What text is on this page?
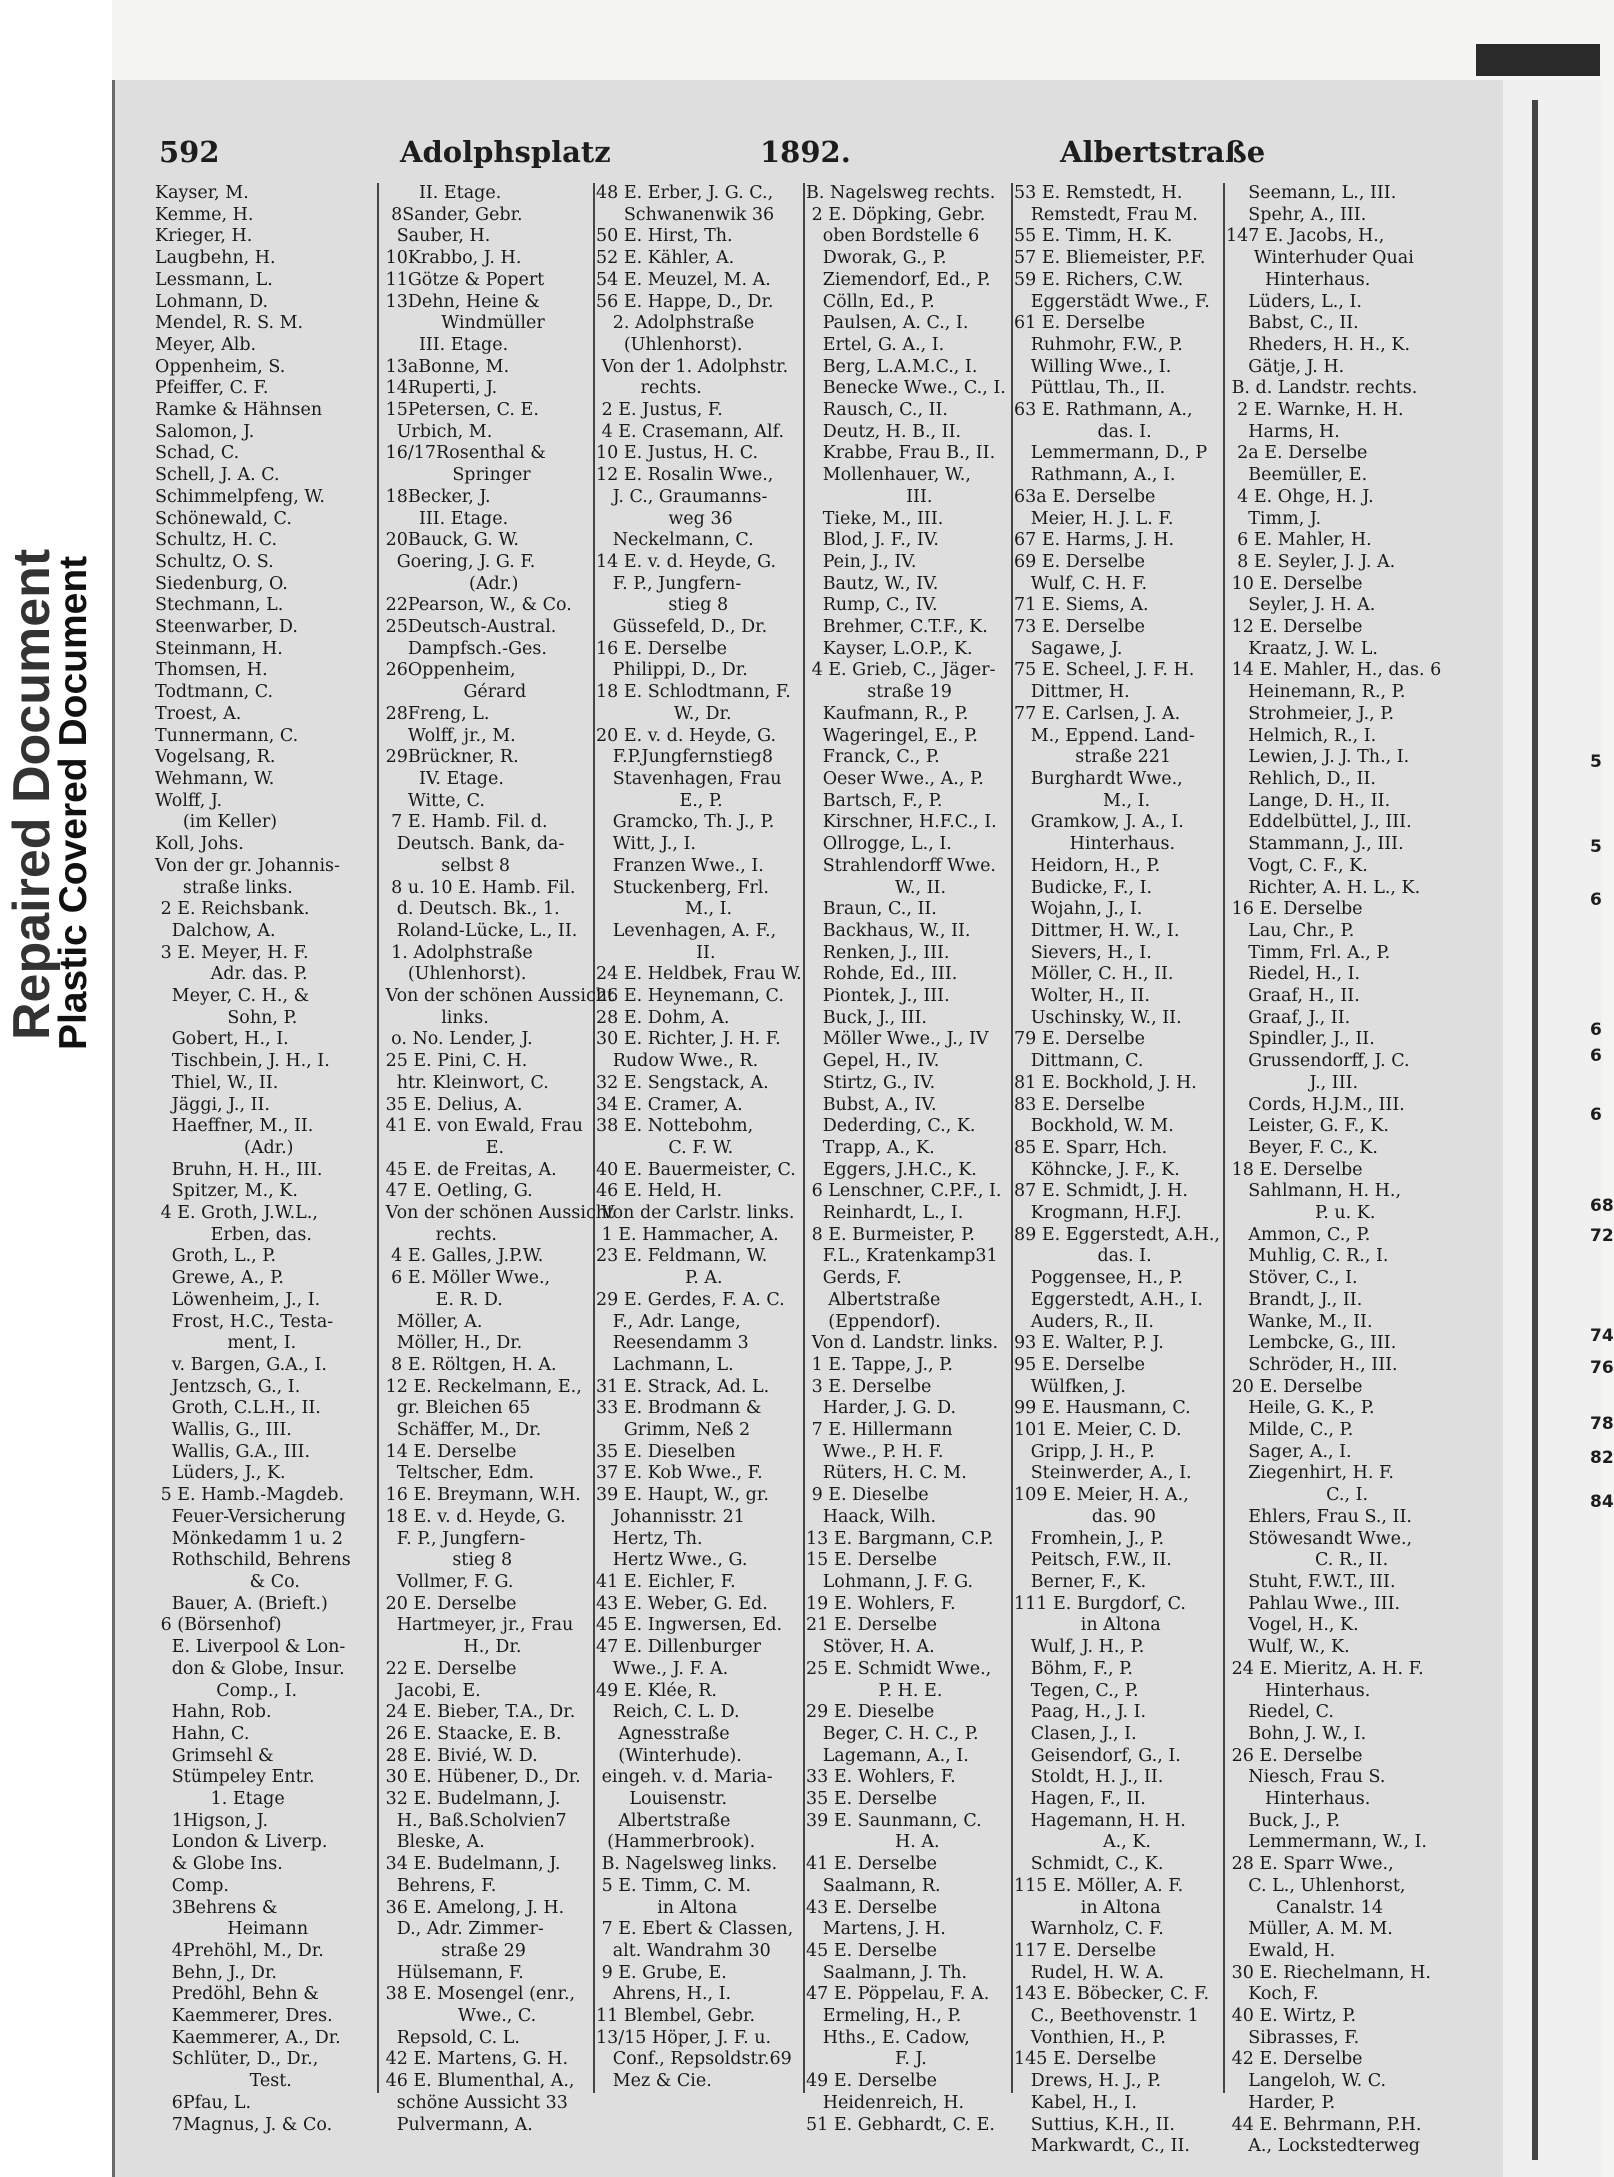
Repaired Document
Plastic Covered Document	5
5
6
6
6
6
68
72
74
76
78
82
84
592	Adolphsplatz	1892.	Albertstraße
Kayser, M.
Kemme, H.
Krieger, H.
Laugbehn, H.
Lessmann, L.
Lohmann, D.
Mendel, R. S. M.
Meyer, Alb.
Oppenheim, S.
Pfeiffer, C. F.
Ramke & Hähnsen
Salomon, J.
Schad, C.
Schell, J. A. C.
Schimmelpfeng, W.
Schönewald, C.
Schultz, H. C.
Schultz, O. S.
Siedenburg, O.
Stechmann, L.
Steenwarber, D.
Steinmann, H.
Thomsen, H.
Todtmann, C.
Troest, A.
Tunnermann, C.
Vogelsang, R.
Wehmann, W.
Wolff, J.
(im Keller)
Koll, Johs.
Von der gr. Johannis-
straße links.
2 E. Reichsbank.
Dalchow, A.
3 E. Meyer, H. F.
Adr. das. P.
Meyer, C. H., &
Sohn, P.
Gobert, H., I.
Tischbein, J. H., I.
Thiel, W., II.
Jäggi, J., II.
Haeffner, M., II.
(Adr.)
Bruhn, H. H., III.
Spitzer, M., K.
4 E. Groth, J.W.L.,
Erben, das.
Groth, L., P.
Grewe, A., P.
Löwenheim, J., I.
Frost, H.C., Testa-
ment, I.
v. Bargen, G.A., I.
Jentzsch, G., I.
Groth, C.L.H., II.
Wallis, G., III.
Wallis, G.A., III.
Lüders, J., K.
5 E. Hamb.-Magdeb.
Feuer-Versicherung
Mönkedamm 1 u. 2
Rothschild, Behrens
& Co.
Bauer, A. (Brieft.)
6 (Börsenhof)
E. Liverpool & Lon-
don & Globe, Insur.
Comp., I.
Hahn, Rob.
Hahn, C.
Grimsehl &
Stümpeley Entr.
1. Etage
1Higson, J.
London & Liverp.
& Globe Ins.
Comp.
3Behrens &
Heimann
4Prehöhl, M., Dr.
Behn, J., Dr.
Predöhl, Behn &
Kaemmerer, Dres.
Kaemmerer, A., Dr.
Schlüter, D., Dr.,
Test.
6Pfau, L.
7Magnus, J. & Co.
II. Etage.
8Sander, Gebr.
Sauber, H.
10Krabbo, J. H.
11Götze & Popert
13Dehn, Heine &
Windmüller
III. Etage.
13aBonne, M.
14Ruperti, J.
15Petersen, C. E.
Urbich, M.
16/17Rosenthal &
Springer
18Becker, J.
III. Etage.
20Bauck, G. W.
Goering, J. G. F.
(Adr.)
22Pearson, W., & Co.
25Deutsch-Austral.
Dampfsch.-Ges.
26Oppenheim,
Gérard
28Freng, L.
Wolff, jr., M.
29Brückner, R.
IV. Etage.
Witte, C.
7 E. Hamb. Fil. d.
Deutsch. Bank, da-
selbst 8
8 u. 10 E. Hamb. Fil.
d. Deutsch. Bk., 1.
Roland-Lücke, L., II.
1. Adolphstraße
(Uhlenhorst).
Von der schönen Aussicht
links.
o. No. Lender, J.
25 E. Pini, C. H.
htr. Kleinwort, C.
35 E. Delius, A.
41 E. von Ewald, Frau
E.
45 E. de Freitas, A.
47 E. Oetling, G.
Von der schönen Aussicht
rechts.
4 E. Galles, J.P.W.
6 E. Möller Wwe.,
E. R. D.
Möller, A.
Möller, H., Dr.
8 E. Röltgen, H. A.
12 E. Reckelmann, E.,
gr. Bleichen 65
Schäffer, M., Dr.
14 E. Derselbe
Teltscher, Edm.
16 E. Breymann, W.H.
18 E. v. d. Heyde, G.
F. P., Jungfern-
stieg 8
Vollmer, F. G.
20 E. Derselbe
Hartmeyer, jr., Frau
H., Dr.
22 E. Derselbe
Jacobi, E.
24 E. Bieber, T.A., Dr.
26 E. Staacke, E. B.
28 E. Bivié, W. D.
30 E. Hübener, D., Dr.
32 E. Budelmann, J.
H., Baß.Scholvien7
Bleske, A.
34 E. Budelmann, J.
Behrens, F.
36 E. Amelong, J. H.
D., Adr. Zimmer-
straße 29
Hülsemann, F.
38 E. Mosengel (enr.,
Wwe., C.
Repsold, C. L.
42 E. Martens, G. H.
46 E. Blumenthal, A.,
schöne Aussicht 33
Pulvermann, A.
48 E. Erber, J. G. C.,
Schwanenwik 36
50 E. Hirst, Th.
52 E. Kähler, A.
54 E. Meuzel, M. A.
56 E. Happe, D., Dr.
2. Adolphstraße
(Uhlenhorst).
Von der 1. Adolphstr.
rechts.
2 E. Justus, F.
4 E. Crasemann, Alf.
10 E. Justus, H. C.
12 E. Rosalin Wwe.,
J. C., Graumanns-
weg 36
Neckelmann, C.
14 E. v. d. Heyde, G.
F. P., Jungfern-
stieg 8
Güssefeld, D., Dr.
16 E. Derselbe
Philippi, D., Dr.
18 E. Schlodtmann, F.
W., Dr.
20 E. v. d. Heyde, G.
F.P.Jungfernstieg8
Stavenhagen, Frau
E., P.
Gramcko, Th. J., P.
Witt, J., I.
Franzen Wwe., I.
Stuckenberg, Frl.
M., I.
Levenhagen, A. F.,
II.
24 E. Heldbek, Frau W.
26 E. Heynemann, C.
28 E. Dohm, A.
30 E. Richter, J. H. F.
Rudow Wwe., R.
32 E. Sengstack, A.
34 E. Cramer, A.
38 E. Nottebohm,
C. F. W.
40 E. Bauermeister, C.
46 E. Held, H.
Von der Carlstr. links.
1 E. Hammacher, A.
23 E. Feldmann, W.
P. A.
29 E. Gerdes, F. A. C.
F., Adr. Lange,
Reesendamm 3
Lachmann, L.
31 E. Strack, Ad. L.
33 E. Brodmann &
Grimm, Neß 2
35 E. Dieselben
37 E. Kob Wwe., F.
39 E. Haupt, W., gr.
Johannisstr. 21
Hertz, Th.
Hertz Wwe., G.
41 E. Eichler, F.
43 E. Weber, G. Ed.
45 E. Ingwersen, Ed.
47 E. Dillenburger
Wwe., J. F. A.
49 E. Klée, R.
Reich, C. L. D.
Agnesstraße
(Winterhude).
eingeh. v. d. Maria-
Louisenstr.
Albertstraße
(Hammerbrook).
B. Nagelsweg links.
5 E. Timm, C. M.
in Altona
7 E. Ebert & Classen,
alt. Wandrahm 30
9 E. Grube, E.
Ahrens, H., I.
11 Blembel, Gebr.
13/15 Höper, J. F. u.
Conf., Repsoldstr.69
Mez & Cie.
B. Nagelsweg rechts.
2 E. Döpking, Gebr.
oben Bordstelle 6
Dworak, G., P.
Ziemendorf, Ed., P.
Cölln, Ed., P.
Paulsen, A. C., I.
Ertel, G. A., I.
Berg, L.A.M.C., I.
Benecke Wwe., C., I.
Rausch, C., II.
Deutz, H. B., II.
Krabbe, Frau B., II.
Mollenhauer, W.,
III.
Tieke, M., III.
Blod, J. F., IV.
Pein, J., IV.
Bautz, W., IV.
Rump, C., IV.
Brehmer, C.T.F., K.
Kayser, L.O.P., K.
4 E. Grieb, C., Jäger-
straße 19
Kaufmann, R., P.
Wageringel, E., P.
Franck, C., P.
Oeser Wwe., A., P.
Bartsch, F., P.
Kirschner, H.F.C., I.
Ollrogge, L., I.
Strahlendorff Wwe.
W., II.
Braun, C., II.
Backhaus, W., II.
Renken, J., III.
Rohde, Ed., III.
Piontek, J., III.
Buck, J., III.
Möller Wwe., J., IV
Gepel, H., IV.
Stirtz, G., IV.
Bubst, A., IV.
Dederding, C., K.
Trapp, A., K.
Eggers, J.H.C., K.
6 Lenschner, C.P.F., I.
Reinhardt, L., I.
8 E. Burmeister, P.
F.L., Kratenkamp31
Gerds, F.
Albertstraße
(Eppendorf).
Von d. Landstr. links.
1 E. Tappe, J., P.
3 E. Derselbe
Harder, J. G. D.
7 E. Hillermann
Wwe., P. H. F.
Rüters, H. C. M.
9 E. Dieselbe
Haack, Wilh.
13 E. Bargmann, C.P.
15 E. Derselbe
Lohmann, J. F. G.
19 E. Wohlers, F.
21 E. Derselbe
Stöver, H. A.
25 E. Schmidt Wwe.,
P. H. E.
29 E. Dieselbe
Beger, C. H. C., P.
Lagemann, A., I.
33 E. Wohlers, F.
35 E. Derselbe
39 E. Saunmann, C.
H. A.
41 E. Derselbe
Saalmann, R.
43 E. Derselbe
Martens, J. H.
45 E. Derselbe
Saalmann, J. Th.
47 E. Pöppelau, F. A.
Ermeling, H., P.
Hths., E. Cadow,
F. J.
49 E. Derselbe
Heidenreich, H.
51 E. Gebhardt, C. E.
53 E. Remstedt, H.
Remstedt, Frau M.
55 E. Timm, H. K.
57 E. Bliemeister, P.F.
59 E. Richers, C.W.
Eggerstädt Wwe., F.
61 E. Derselbe
Ruhmohr, F.W., P.
Willing Wwe., I.
Püttlau, Th., II.
63 E. Rathmann, A.,
das. I.
Lemmermann, D., P
Rathmann, A., I.
63a E. Derselbe
Meier, H. J. L. F.
67 E. Harms, J. H.
69 E. Derselbe
Wulf, C. H. F.
71 E. Siems, A.
73 E. Derselbe
Sagawe, J.
75 E. Scheel, J. F. H.
Dittmer, H.
77 E. Carlsen, J. A.
M., Eppend. Land-
straße 221
Burghardt Wwe.,
M., I.
Gramkow, J. A., I.
Hinterhaus.
Heidorn, H., P.
Budicke, F., I.
Wojahn, J., I.
Dittmer, H. W., I.
Sievers, H., I.
Möller, C. H., II.
Wolter, H., II.
Uschinsky, W., II.
79 E. Derselbe
Dittmann, C.
81 E. Bockhold, J. H.
83 E. Derselbe
Bockhold, W. M.
85 E. Sparr, Hch.
Köhncke, J. F., K.
87 E. Schmidt, J. H.
Krogmann, H.F.J.
89 E. Eggerstedt, A.H.,
das. I.
Poggensee, H., P.
Eggerstedt, A.H., I.
Auders, R., II.
93 E. Walter, P. J.
95 E. Derselbe
Wülfken, J.
99 E. Hausmann, C.
101 E. Meier, C. D.
Gripp, J. H., P.
Steinwerder, A., I.
109 E. Meier, H. A.,
das. 90
Fromhein, J., P.
Peitsch, F.W., II.
Berner, F., K.
111 E. Burgdorf, C.
in Altona
Wulf, J. H., P.
Böhm, F., P.
Tegen, C., P.
Paag, H., J. I.
Clasen, J., I.
Geisendorf, G., I.
Stoldt, H. J., II.
Hagen, F., II.
Hagemann, H. H.
A., K.
Schmidt, C., K.
115 E. Möller, A. F.
in Altona
Warnholz, C. F.
117 E. Derselbe
Rudel, H. W. A.
143 E. Böbecker, C. F.
C., Beethovenstr. 1
Vonthien, H., P.
145 E. Derselbe
Drews, H. J., P.
Kabel, H., I.
Suttius, K.H., II.
Markwardt, C., II.
Seemann, L., III.
Spehr, A., III.
147 E. Jacobs, H.,
Winterhuder Quai
Hinterhaus.
Lüders, L., I.
Babst, C., II.
Rheders, H. H., K.
Gätje, J. H.
B. d. Landstr. rechts.
2 E. Warnke, H. H.
Harms, H.
2a E. Derselbe
Beemüller, E.
4 E. Ohge, H. J.
Timm, J.
6 E. Mahler, H.
8 E. Seyler, J. J. A.
10 E. Derselbe
Seyler, J. H. A.
12 E. Derselbe
Kraatz, J. W. L.
14 E. Mahler, H., das. 6
Heinemann, R., P.
Strohmeier, J., P.
Helmich, R., I.
Lewien, J. J. Th., I.
Rehlich, D., II.
Lange, D. H., II.
Eddelbüttel, J., III.
Stammann, J., III.
Vogt, C. F., K.
Richter, A. H. L., K.
16 E. Derselbe
Lau, Chr., P.
Timm, Frl. A., P.
Riedel, H., I.
Graaf, H., II.
Graaf, J., II.
Spindler, J., II.
Grussendorff, J. C.
J., III.
Cords, H.J.M., III.
Leister, G. F., K.
Beyer, F. C., K.
18 E. Derselbe
Sahlmann, H. H.,
P. u. K.
Ammon, C., P.
Muhlig, C. R., I.
Stöver, C., I.
Brandt, J., II.
Wanke, M., II.
Lembcke, G., III.
Schröder, H., III.
20 E. Derselbe
Heile, G. K., P.
Milde, C., P.
Sager, A., I.
Ziegenhirt, H. F.
C., I.
Ehlers, Frau S., II.
Stöwesandt Wwe.,
C. R., II.
Stuht, F.W.T., III.
Pahlau Wwe., III.
Vogel, H., K.
Wulf, W., K.
24 E. Mieritz, A. H. F.
Hinterhaus.
Riedel, C.
Bohn, J. W., I.
26 E. Derselbe
Niesch, Frau S.
Hinterhaus.
Buck, J., P.
Lemmermann, W., I.
28 E. Sparr Wwe.,
C. L., Uhlenhorst,
Canalstr. 14
Müller, A. M. M.
Ewald, H.
30 E. Riechelmann, H.
Koch, F.
40 E. Wirtz, P.
Sibrasses, F.
42 E. Derselbe
Langeloh, W. C.
Harder, P.
44 E. Behrmann, P.H.
A., Lockstedterweg
